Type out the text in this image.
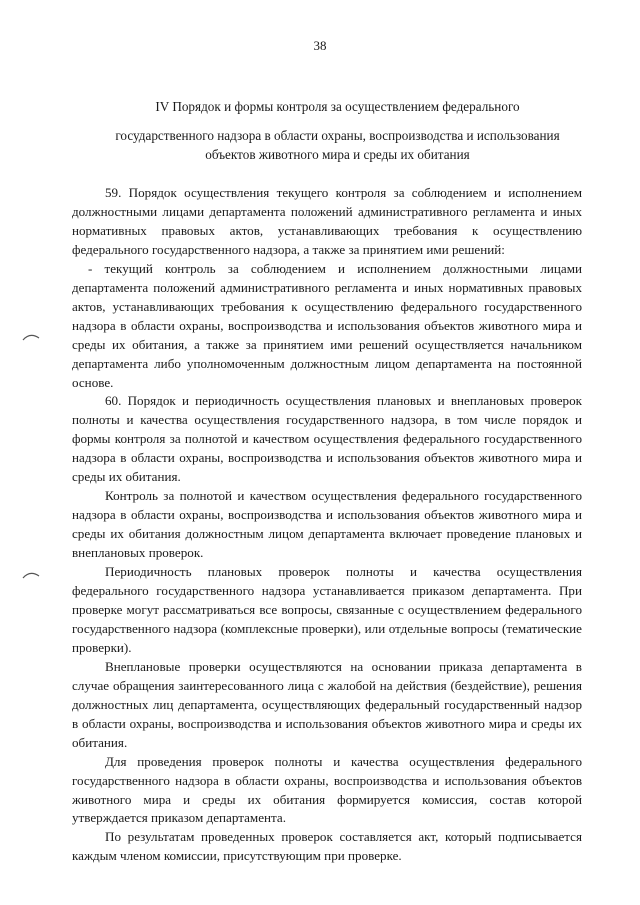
38
IV Порядок и формы контроля за осуществлением федерального
государственного надзора в области охраны, воспроизводства и использования объектов животного мира и среды их обитания

59. Порядок осуществления текущего контроля за соблюдением и исполнением должностными лицами департамента положений административного регламента и иных нормативных правовых актов, устанавливающих требования к осуществлению федерального государственного надзора, а также за принятием ими решений:

- текущий контроль за соблюдением и исполнением должностными лицами департамента положений административного регламента и иных нормативных правовых актов, устанавливающих требования к осуществлению федерального государственного надзора в области охраны, воспроизводства и использования объектов животного мира и среды их обитания, а также за принятием ими решений осуществляется начальником департамента либо уполномоченным должностным лицом департамента на постоянной основе.

60. Порядок и периодичность осуществления плановых и внеплановых проверок полноты и качества осуществления государственного надзора, в том числе порядок и формы контроля за полнотой и качеством осуществления федерального государственного надзора в области охраны, воспроизводства и использования объектов животного мира и среды их обитания.

Контроль за полнотой и качеством осуществления федерального государственного надзора в области охраны, воспроизводства и использования объектов животного мира и среды их обитания должностным лицом департамента включает проведение плановых и внеплановых проверок.

Периодичность плановых проверок полноты и качества осуществления федерального государственного надзора устанавливается приказом департамента. При проверке могут рассматриваться все вопросы, связанные с осуществлением федерального государственного надзора (комплексные проверки), или отдельные вопросы (тематические проверки).

Внеплановые проверки осуществляются на основании приказа департамента в случае обращения заинтересованного лица с жалобой на действия (бездействие), решения должностных лиц департамента, осуществляющих федеральный государственный надзор в области охраны, воспроизводства и использования объектов животного мира и среды их обитания.

Для проведения проверок полноты и качества осуществления федерального государственного надзора в области охраны, воспроизводства и использования объектов животного мира и среды их обитания формируется комиссия, состав которой утверждается приказом департамента.

По результатам проведенных проверок составляется акт, который подписывается каждым членом комиссии, присутствующим при проверке.
